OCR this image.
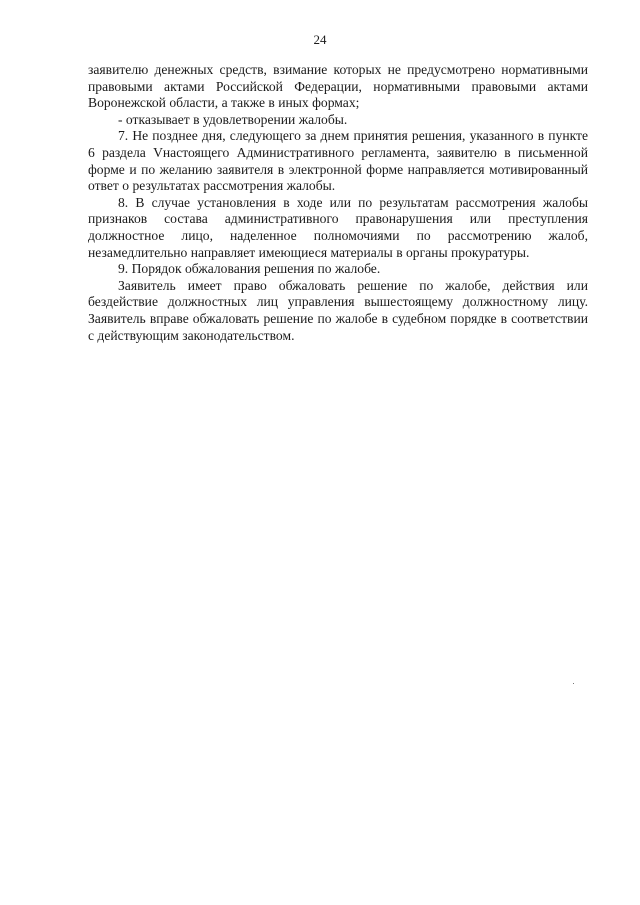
24

заявителю денежных средств, взимание которых не предусмотрено нормативными правовыми актами Российской Федерации, нормативными правовыми актами Воронежской области, а также в иных формах;

- отказывает в удовлетворении жалобы.

7. Не позднее дня, следующего за днем принятия решения, указанного в пункте 6 раздела Vнастоящего Административного регламента, заявителю в письменной форме и по желанию заявителя в электронной форме направляется мотивированный ответ о результатах рассмотрения жалобы.

8. В случае установления в ходе или по результатам рассмотрения жалобы признаков состава административного правонарушения или преступления должностное лицо, наделенное полномочиями по рассмотрению жалоб, незамедлительно направляет имеющиеся материалы в органы прокуратуры.

9. Порядок обжалования решения по жалобе.

Заявитель имеет право обжаловать решение по жалобе, действия или бездействие должностных лиц управления вышестоящему должностному лицу. Заявитель вправе обжаловать решение по жалобе в судебном порядке в соответствии с действующим законодательством.
